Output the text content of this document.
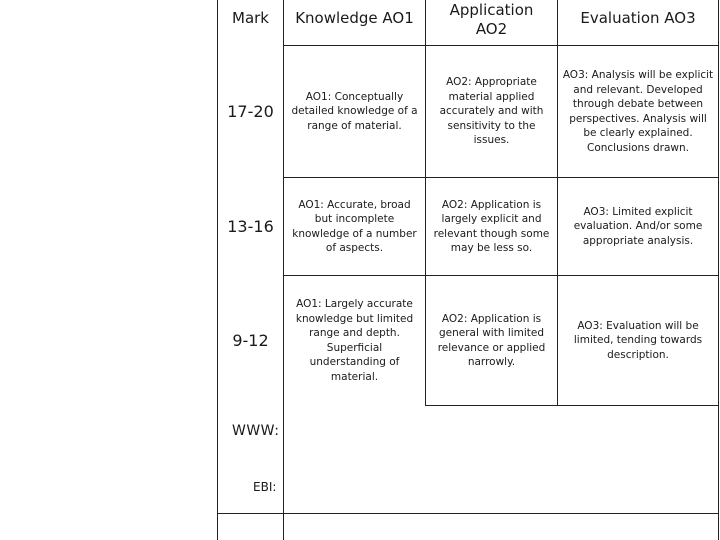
Mark	Knowledge AO1	Application AO2
Evaluation AO3
17-20
AO1: Conceptually detailed knowledge of a range of material.
AO2: Appropriate material applied accurately and with sensitivity to the issues.
AO3: Analysis will be explicit and relevant. Developed through debate between perspectives. Analysis will be clearly explained. Conclusions drawn.
13-16
AO1: Accurate, broad but incomplete knowledge of a number of aspects.
AO2: Application is largely explicit and relevant though some may be less so.
AO3: Limited explicit evaluation. And/or some appropriate analysis.
9-12
AO1: Largely accurate knowledge but limited range and depth. Superficial understanding of material.
AO2: Application is general with limited relevance or applied narrowly.
AO3: Evaluation will be limited, tending towards description.
WWW:
EBI:
